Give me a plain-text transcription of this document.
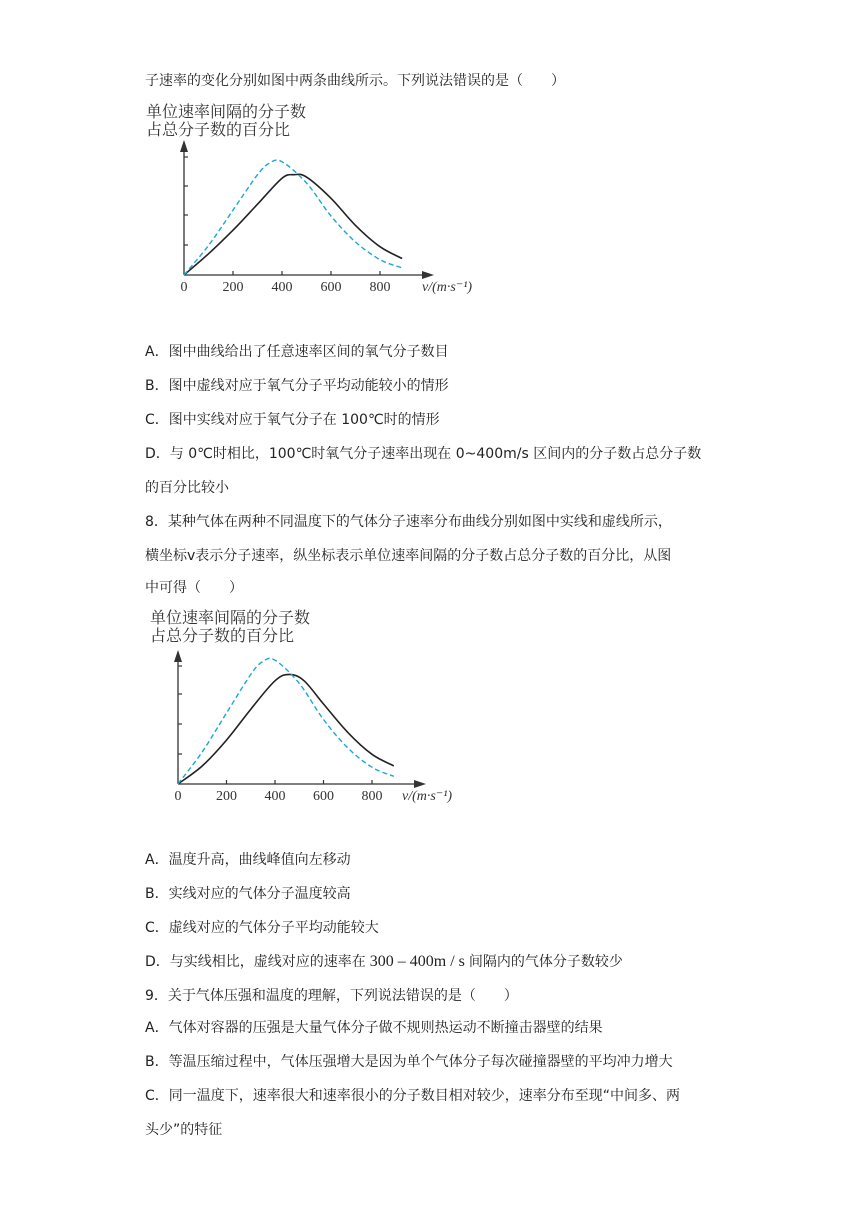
子速率的变化分别如图中两条曲线所示。下列说法错误的是（　　）
单位速率间隔的分子数
占总分子数的百分比
0	200 400 600 800 v/(m·s⁻¹)
A．图中曲线给出了任意速率区间的氧气分子数目
B．图中虚线对应于氧气分子平均动能较小的情形
C．图中实线对应于氧气分子在 100℃时的情形
D．与 0℃时相比，100℃时氧气分子速率出现在 0~400m/s 区间内的分子数占总分子数
的百分比较小
8．某种气体在两种不同温度下的气体分子速率分布曲线分别如图中实线和虚线所示，
横坐标v表示分子速率，纵坐标表示单位速率间隔的分子数占总分子数的百分比，从图
中可得（　　）
单位速率间隔的分子数
占总分子数的百分比
0 200 400 600 800 v/(m·s⁻¹)
A．温度升高，曲线峰值向左移动
B．实线对应的气体分子温度较高
C．虚线对应的气体分子平均动能较大
D．与实线相比，虚线对应的速率在 300 – 400m / s 间隔内的气体分子数较少
9．关于气体压强和温度的理解，下列说法错误的是（　　）
A．气体对容器的压强是大量气体分子做不规则热运动不断撞击器壁的结果
B．等温压缩过程中，气体压强增大是因为单个气体分子每次碰撞器壁的平均冲力增大
C．同一温度下，速率很大和速率很小的分子数目相对较少，速率分布至现“中间多、两
头少”的特征
